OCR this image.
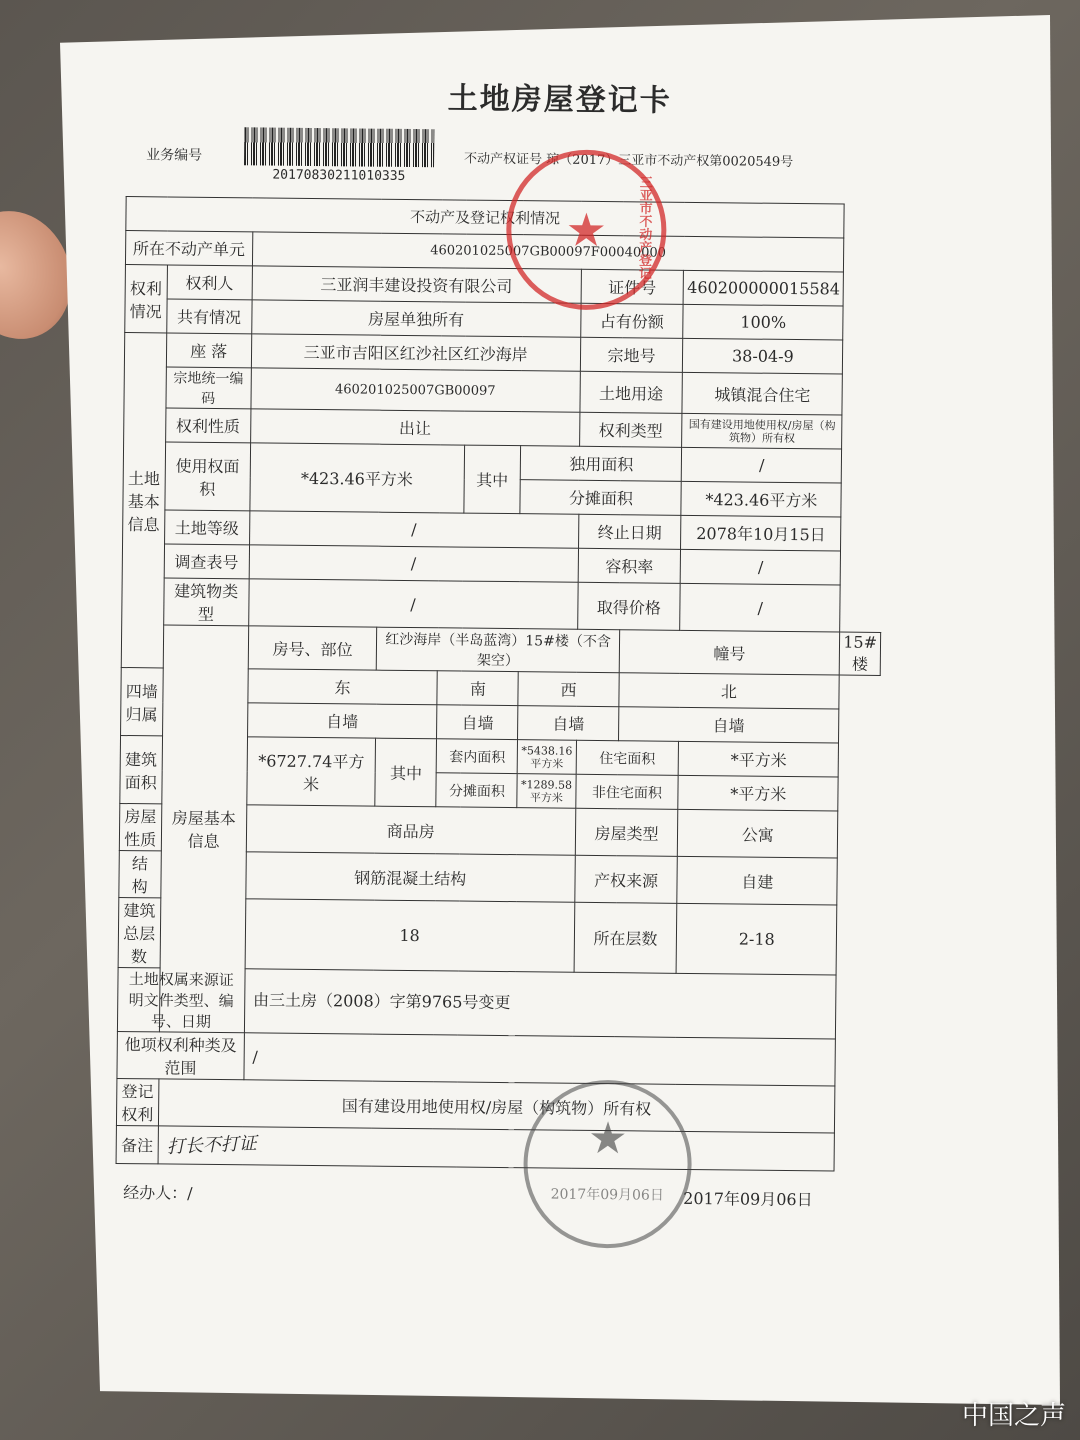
土地房屋登记卡
业务编号
20170830211010335
不动产权证号 琼（2017）三亚市不动产权第0020549号
不动产及登记权利情况										
所在不动产单元		460201025007GB00097F00040000								
权利情况	权利人	三亚润丰建设投资有限公司					证件号		460200000015584	
	共有情况	房屋单独所有					占有份额		100%	
土地基本信息	座 落	三亚市吉阳区红沙社区红沙海岸					宗地号		38-04-9	
	宗地统一编码	460201025007GB00097					土地用途		城镇混合住宅	
	权利性质	出让					权利类型		国有建设用地使用权/房屋（构筑物）所有权	
	使用权面积	*423.46平方米			其中	独用面积			/	
						分摊面积			*423.46平方米	
	土地等级	/					终止日期		2078年10月15日	
	调查表号	/					容积率		/	
	建筑物类型	/					取得价格		/	
	房屋基本信息	房号、部位	红沙海岸（半岛蓝湾）15#楼（不含架空）					幢号		15#楼
四墙归属		东		南		西		北		
		自墙		自墙		自墙		自墙		
建筑面积		*6727.74平方米	其中	套内面积		*5438.16平方米	住宅面积		*平方米	
				分摊面积		*1289.58平方米	非住宅面积		*平方米	
房屋性质		商品房					房屋类型		公寓	
结 构		钢筋混凝土结构					产权来源		自建	
建筑总层数		18					所在层数		2-18	
土地权属来源证明文件类型、编号、日期		由三土房（2008）字第9765号变更								
他项权利种类及范围		/								
登记权利	国有建设用地使用权/房屋（构筑物）所有权									
备注	打长不打证									
经办人：/	2017年09月06日
★ 三亚市不动产登记
★
2017年09月06日
中国之声
